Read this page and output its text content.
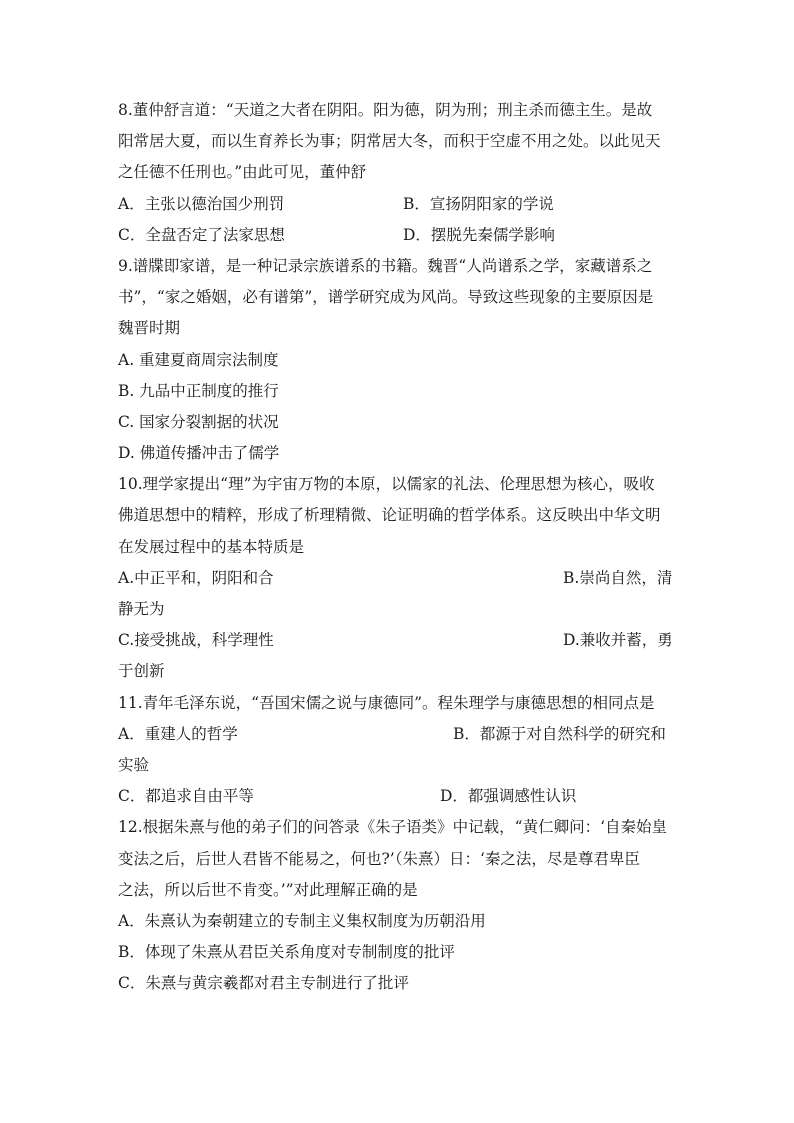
8.董仲舒言道：“天道之大者在阴阳。阳为德，阴为刑；刑主杀而德主生。是故
阳常居大夏，而以生育养长为事；阴常居大冬，而积于空虚不用之处。以此见天
之任德不任刑也。”由此可见，董仲舒
A．主张以德治国少刑罚	B．宣扬阴阳家的学说
C．全盘否定了法家思想	D．摆脱先秦儒学影响
9.谱牒即家谱，是一种记录宗族谱系的书籍。魏晋“人尚谱系之学，家藏谱系之
书”，“家之婚姻，必有谱第”，谱学研究成为风尚。导致这些现象的主要原因是
魏晋时期
A. 重建夏商周宗法制度
B. 九品中正制度的推行
C. 国家分裂割据的状况
D. 佛道传播冲击了儒学
10.理学家提出“理”为宇宙万物的本原，以儒家的礼法、伦理思想为核心，吸收
佛道思想中的精粹，形成了析理精微、论证明确的哲学体系。这反映出中华文明
在发展过程中的基本特质是
A.中正平和，阴阳和合	B.崇尚自然，清
静无为
C.接受挑战，科学理性	D.兼收并蓄，勇
于创新
11.青年毛泽东说，“吾国宋儒之说与康德同”。程朱理学与康德思想的相同点是
A．重建人的哲学	B．都源于对自然科学的研究和
实验
C．都追求自由平等	D．都强调感性认识
12.根据朱熹与他的弟子们的问答录《朱子语类》中记载，“黄仁卿问：‘自秦始皇
变法之后，后世人君皆不能易之，何也?’（朱熹）日：‘秦之法，尽是尊君卑臣
之法，所以后世不肯变。’”对此理解正确的是
A．朱熹认为秦朝建立的专制主义集权制度为历朝沿用
B．体现了朱熹从君臣关系角度对专制制度的批评
C．朱熹与黄宗羲都对君主专制进行了批评
